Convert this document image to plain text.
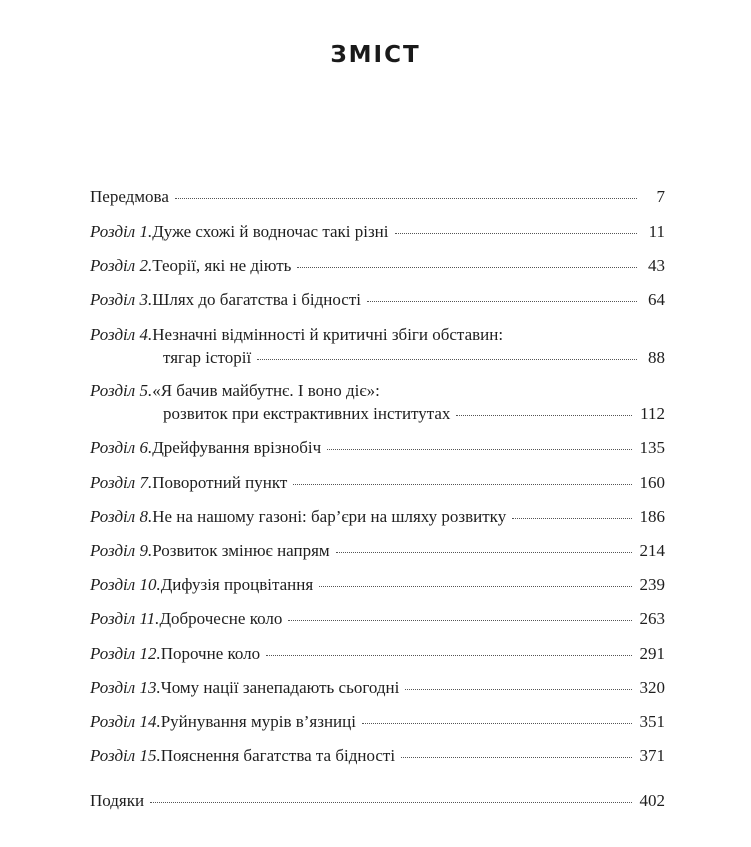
ЗМІСТ
Передмова	7
Розділ 1. Дуже схожі й водночас такі різні	11
Розділ 2. Теорії, які не діють	43
Розділ 3. Шлях до багатства і бідності	64
Розділ 4. Незначні відмінності й критичні збіги обставин:
тягар історії	88
Розділ 5. «Я бачив майбутнє. І воно діє»:
розвиток при екстрактивних інститутах	112
Розділ 6. Дрейфування врізнобіч	135
Розділ 7. Поворотний пункт	160
Розділ 8. Не на нашому газоні: бар’єри на шляху розвитку	186
Розділ 9. Розвиток змінює напрям	214
Розділ 10. Дифузія процвітання	239
Розділ 11. Доброчесне коло	263
Розділ 12. Порочне коло	291
Розділ 13. Чому нації занепадають сьогодні	320
Розділ 14. Руйнування мурів в’язниці	351
Розділ 15. Пояснення багатства та бідності	371
Подяки	402
